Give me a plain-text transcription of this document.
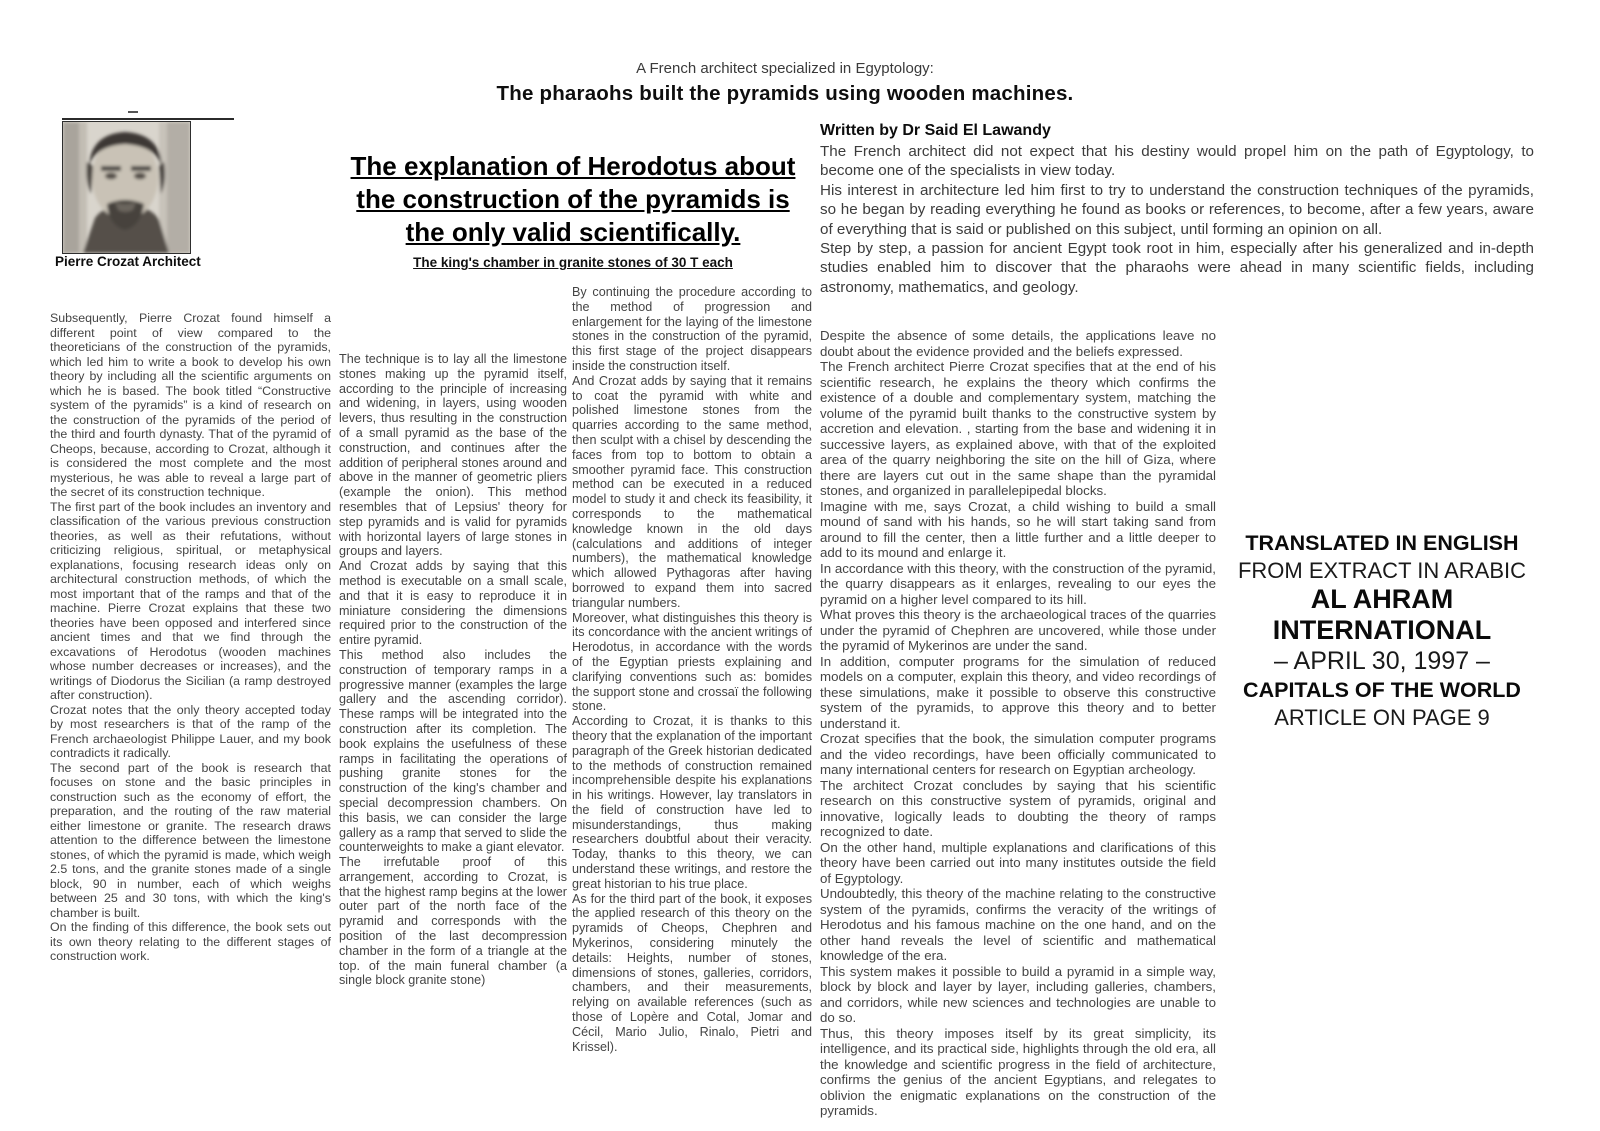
A French architect specialized in Egyptology:
The pharaohs built the pyramids using wooden machines.
Pierre Crozat Architect
The explanation of Herodotus about
the construction of the pyramids is
the only valid scientifically.
The king's chamber in granite stones of 30 T each
Written by Dr Said El Lawandy

The French architect did not expect that his destiny would propel him on the path of Egyptology, to become one of the specialists in view today.

His interest in architecture led him first to try to understand the construction techniques of the pyramids, so he began by reading everything he found as books or references, to become, after a few years, aware of everything that is said or published on this subject, until forming an opinion on all.

Step by step, a passion for ancient Egypt took root in him, especially after his generalized and in-depth studies enabled him to discover that the pharaohs were ahead in many scientific fields, including astronomy, mathematics, and geology.

Subsequently, Pierre Crozat found himself a different point of view compared to the theoreticians of the construction of the pyramids, which led him to write a book to develop his own theory by including all the scientific arguments on which he is based. The book titled “Constructive system of the pyramids” is a kind of research on the construction of the pyramids of the period of the third and fourth dynasty. That of the pyramid of Cheops, because, according to Crozat, although it is considered the most complete and the most mysterious, he was able to reveal a large part of the secret of its construction technique.

The first part of the book includes an inventory and classification of the various previous construction theories, as well as their refutations, without criticizing religious, spiritual, or metaphysical explanations, focusing research ideas only on architectural construction methods, of which the most important that of the ramps and that of the machine. Pierre Crozat explains that these two theories have been opposed and interfered since ancient times and that we find through the excavations of Herodotus (wooden machines whose number decreases or increases), and the writings of Diodorus the Sicilian (a ramp destroyed after construction).

Crozat notes that the only theory accepted today by most researchers is that of the ramp of the French archaeologist Philippe Lauer, and my book contradicts it radically.

The second part of the book is research that focuses on stone and the basic principles in construction such as the economy of effort, the preparation, and the routing of the raw material either limestone or granite. The research draws attention to the difference between the limestone stones, of which the pyramid is made, which weigh 2.5 tons, and the granite stones made of a single block, 90 in number, each of which weighs between 25 and 30 tons, with which the king's chamber is built.

On the finding of this difference, the book sets out its own theory relating to the different stages of construction work.

The technique is to lay all the limestone stones making up the pyramid itself, according to the principle of increasing and widening, in layers, using wooden levers, thus resulting in the construction of a small pyramid as the base of the construction, and continues after the addition of peripheral stones around and above in the manner of geometric pliers (example the onion). This method resembles that of Lepsius' theory for step pyramids and is valid for pyramids with horizontal layers of large stones in groups and layers.

And Crozat adds by saying that this method is executable on a small scale, and that it is easy to reproduce it in miniature considering the dimensions required prior to the construction of the entire pyramid.

This method also includes the construction of temporary ramps in a progressive manner (examples the large gallery and the ascending corridor). These ramps will be integrated into the construction after its completion. The book explains the usefulness of these ramps in facilitating the operations of pushing granite stones for the construction of the king's chamber and special decompression chambers. On this basis, we can consider the large gallery as a ramp that served to slide the counterweights to make a giant elevator.

The irrefutable proof of this arrangement, according to Crozat, is that the highest ramp begins at the lower outer part of the north face of the pyramid and corresponds with the position of the last decompression chamber in the form of a triangle at the top. of the main funeral chamber (a single block granite stone)

By continuing the procedure according to the method of progression and enlargement for the laying of the limestone stones in the construction of the pyramid, this first stage of the project disappears inside the construction itself.

And Crozat adds by saying that it remains to coat the pyramid with white and polished limestone stones from the quarries according to the same method, then sculpt with a chisel by descending the faces from top to bottom to obtain a smoother pyramid face. This construction method can be executed in a reduced model to study it and check its feasibility, it corresponds to the mathematical knowledge known in the old days (calculations and additions of integer numbers), the mathematical knowledge which allowed Pythagoras after having borrowed to expand them into sacred triangular numbers.

Moreover, what distinguishes this theory is its concordance with the ancient writings of Herodotus, in accordance with the words of the Egyptian priests explaining and clarifying conventions such as: bomides the support stone and crossaï the following stone.

According to Crozat, it is thanks to this theory that the explanation of the important paragraph of the Greek historian dedicated to the methods of construction remained incomprehensible despite his explanations in his writings. However, lay translators in the field of construction have led to misunderstandings, thus making researchers doubtful about their veracity. Today, thanks to this theory, we can understand these writings, and restore the great historian to his true place.

As for the third part of the book, it exposes the applied research of this theory on the pyramids of Cheops, Chephren and Mykerinos, considering minutely the details: Heights, number of stones, dimensions of stones, galleries, corridors, chambers, and their measurements, relying on available references (such as those of Lopère and Cotal, Jomar and Cécil, Mario Julio, Rinalo, Pietri and Krissel).

Despite the absence of some details, the applications leave no doubt about the evidence provided and the beliefs expressed.

The French architect Pierre Crozat specifies that at the end of his scientific research, he explains the theory which confirms the existence of a double and complementary system, matching the volume of the pyramid built thanks to the constructive system by accretion and elevation. , starting from the base and widening it in successive layers, as explained above, with that of the exploited area of the quarry neighboring the site on the hill of Giza, where there are layers cut out in the same shape than the pyramidal stones, and organized in parallelepipedal blocks.

Imagine with me, says Crozat, a child wishing to build a small mound of sand with his hands, so he will start taking sand from around to fill the center, then a little further and a little deeper to add to its mound and enlarge it.

In accordance with this theory, with the construction of the pyramid, the quarry disappears as it enlarges, revealing to our eyes the pyramid on a higher level compared to its hill.

What proves this theory is the archaeological traces of the quarries under the pyramid of Chephren are uncovered, while those under the pyramid of Mykerinos are under the sand.

In addition, computer programs for the simulation of reduced models on a computer, explain this theory, and video recordings of these simulations, make it possible to observe this constructive system of the pyramids, to approve this theory and to better understand it.

Crozat specifies that the book, the simulation computer programs and the video recordings, have been officially communicated to many international centers for research on Egyptian archeology.

The architect Crozat concludes by saying that his scientific research on this constructive system of pyramids, original and innovative, logically leads to doubting the theory of ramps recognized to date.

On the other hand, multiple explanations and clarifications of this theory have been carried out into many institutes outside the field of Egyptology.

Undoubtedly, this theory of the machine relating to the constructive system of the pyramids, confirms the veracity of the writings of Herodotus and his famous machine on the one hand, and on the other hand reveals the level of scientific and mathematical knowledge of the era.

This system makes it possible to build a pyramid in a simple way, block by block and layer by layer, including galleries, chambers, and corridors, while new sciences and technologies are unable to do so.

Thus, this theory imposes itself by its great simplicity, its intelligence, and its practical side, highlights through the old era, all the knowledge and scientific progress in the field of architecture, confirms the genius of the ancient Egyptians, and relegates to oblivion the enigmatic explanations on the construction of the pyramids.

TRANSLATED IN ENGLISH
FROM EXTRACT IN ARABIC
AL AHRAM
INTERNATIONAL
– APRIL 30, 1997 –
CAPITALS OF THE WORLD
ARTICLE ON PAGE 9
